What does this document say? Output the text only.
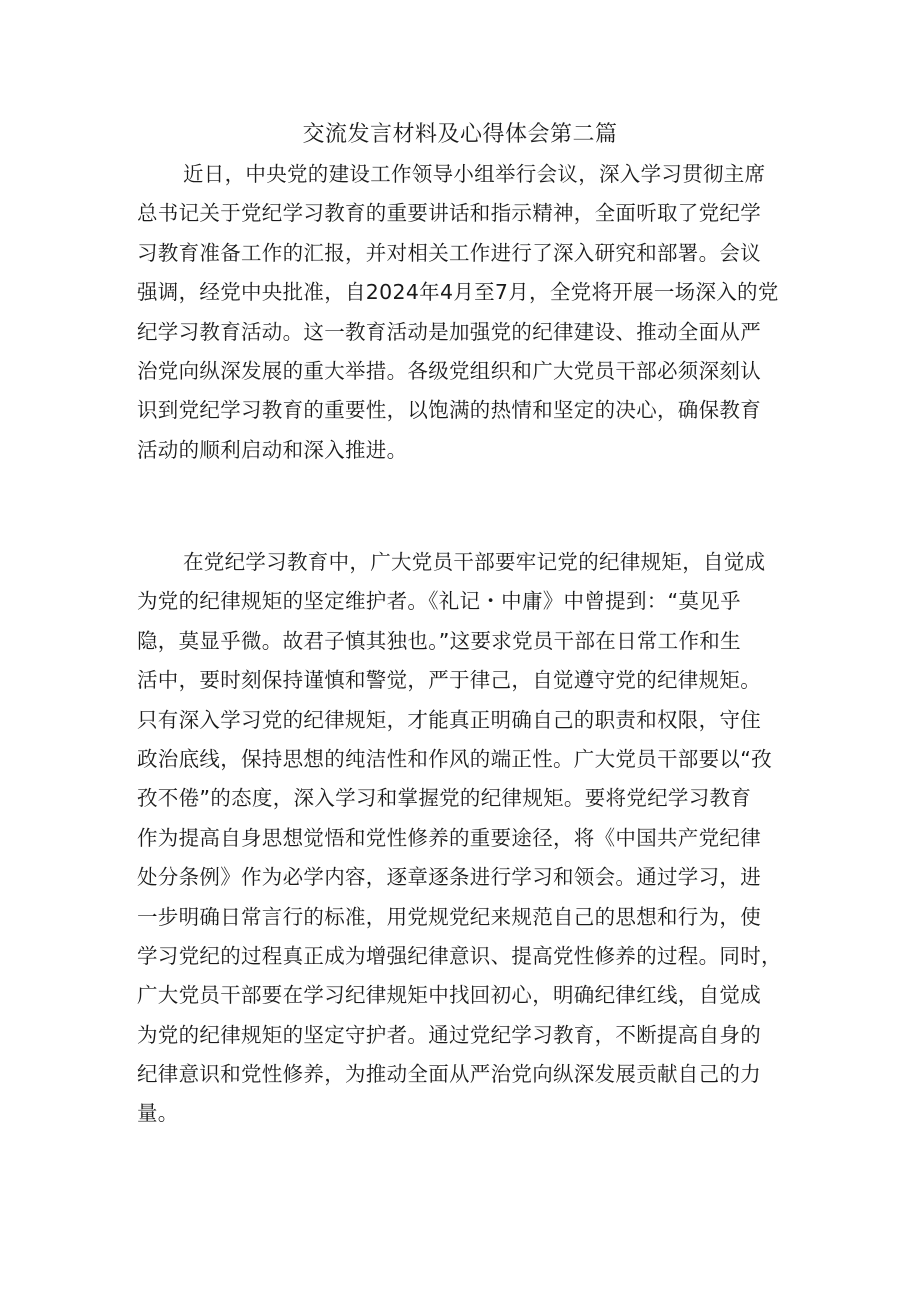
交流发言材料及心得体会第二篇
近日，中央党的建设工作领导小组举行会议，深入学习贯彻主席
总书记关于党纪学习教育的重要讲话和指示精神，全面听取了党纪学
习教育准备工作的汇报，并对相关工作进行了深入研究和部署。会议
强调，经党中央批准，自2024年4月至7月，全党将开展一场深入的党
纪学习教育活动。这一教育活动是加强党的纪律建设、推动全面从严
治党向纵深发展的重大举措。各级党组织和广大党员干部必须深刻认
识到党纪学习教育的重要性，以饱满的热情和坚定的决心，确保教育
活动的顺利启动和深入推进。
在党纪学习教育中，广大党员干部要牢记党的纪律规矩，自觉成
为党的纪律规矩的坚定维护者。《礼记・中庸》中曾提到：“莫见乎
隐，莫显乎微。故君子慎其独也。”这要求党员干部在日常工作和生
活中，要时刻保持谨慎和警觉，严于律己，自觉遵守党的纪律规矩。
只有深入学习党的纪律规矩，才能真正明确自己的职责和权限，守住
政治底线，保持思想的纯洁性和作风的端正性。广大党员干部要以“孜
孜不倦”的态度，深入学习和掌握党的纪律规矩。要将党纪学习教育
作为提高自身思想觉悟和党性修养的重要途径，将《中国共产党纪律
处分条例》作为必学内容，逐章逐条进行学习和领会。通过学习，进
一步明确日常言行的标准，用党规党纪来规范自己的思想和行为，使
学习党纪的过程真正成为增强纪律意识、提高党性修养的过程。同时，
广大党员干部要在学习纪律规矩中找回初心，明确纪律红线，自觉成
为党的纪律规矩的坚定守护者。通过党纪学习教育，不断提高自身的
纪律意识和党性修养，为推动全面从严治党向纵深发展贡献自己的力
量。
